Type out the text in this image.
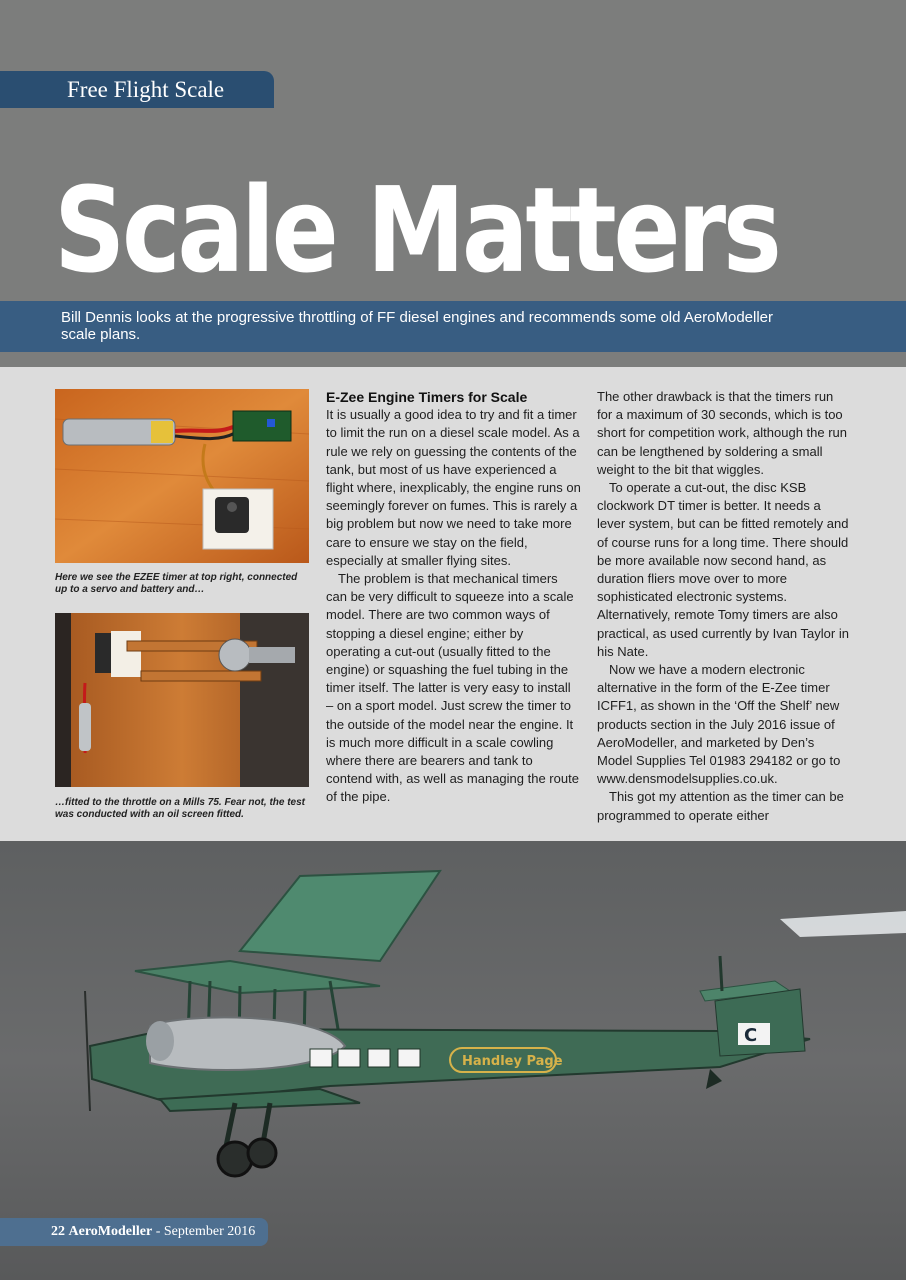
Free Flight Scale
Scale Matters

Bill Dennis looks at the progressive throttling of FF diesel engines and recommends some old AeroModeller scale plans.

Here we see the EZEE timer at top right, connected up to a servo and battery and…

…fitted to the throttle on a Mills 75. Fear not, the test was conducted with an oil screen fitted.

E-Zee Engine Timers for Scale

It is usually a good idea to try and fit a timer to limit the run on a diesel scale model. As a rule we rely on guessing the contents of the tank, but most of us have experienced a flight where, inexplicably, the engine runs on seemingly forever on fumes. This is rarely a big problem but now we need to take more care to ensure we stay on the field, especially at smaller flying sites.

The problem is that mechanical timers can be very difficult to squeeze into a scale model. There are two common ways of stopping a diesel engine; either by operating a cut-out (usually fitted to the engine) or squashing the fuel tubing in the timer itself. The latter is very easy to install – on a sport model. Just screw the timer to the outside of the model near the engine. It is much more difficult in a scale cowling where there are bearers and tank to contend with, as well as managing the route of the pipe.

The other drawback is that the timers run for a maximum of 30 seconds, which is too short for competition work, although the run can be lengthened by soldering a small weight to the bit that wiggles.

To operate a cut-out, the disc KSB clockwork DT timer is better. It needs a lever system, but can be fitted remotely and of course runs for a long time. There should be more available now second hand, as duration fliers move over to more sophisticated electronic systems. Alternatively, remote Tomy timers are also practical, as used currently by Ivan Taylor in his Nate.

Now we have a modern electronic alternative in the form of the E-Zee timer ICFF1, as shown in the ‘Off the Shelf’ new products section in the July 2016 issue of AeroModeller, and marketed by Den’s Model Supplies Tel 01983 294182 or go to www.densmodelsupplies.co.uk.

This got my attention as the timer can be programmed to operate either

C
Handley Page
22 AeroModeller - September 2016
